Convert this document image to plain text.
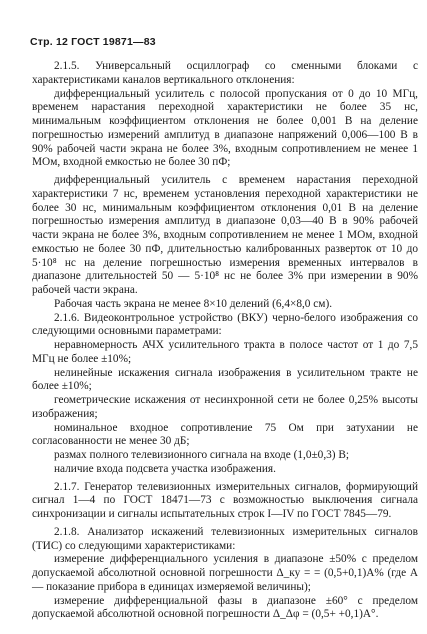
Стр. 12 ГОСТ 19871—83

2.1.5. Универсальный осциллограф со сменными блоками с характеристиками каналов вертикального отклонения:

дифференциальный усилитель с полосой пропускания от 0 до 10 МГц, временем нарастания переходной характеристики не более 35 нс, минимальным коэффициентом отклонения не более 0,001 В на деление погрешностью измерений амплитуд в диапазоне напряжений 0,006—100 В в 90% рабочей части экрана не более 3%, входным сопротивлением не менее 1 МОм, входной емкостью не более 30 пФ;

дифференциальный усилитель с временем нарастания переходной характеристики 7 нс, временем установления переходной характеристики не более 30 нс, минимальным коэффициентом отклонения 0,01 В на деление погрешностью измерения амплитуд в диапазоне 0,03—40 В в 90% рабочей части экрана не более 3%, входным сопротивлением не менее 1 МОм, входной емкостью не более 30 пФ, длительностью калиброванных разверток от 10 до 5·10⁸ нс на деление погрешностью измерения временных интервалов в диапазоне длительностей 50 — 5·10⁸ нс не более 3% при измерении в 90% рабочей части экрана.

Рабочая часть экрана не менее 8×10 делений (6,4×8,0 см).

2.1.6. Видеоконтрольное устройство (ВКУ) черно-белого изображения со следующими основными параметрами:

неравномерность АЧХ усилительного тракта в полосе частот от 1 до 7,5 МГц не более ±10%;

нелинейные искажения сигнала изображения в усилительном тракте не более ±10%;

геометрические искажения от несинхронной сети не более 0,25% высоты изображения;

номинальное входное сопротивление 75 Ом при затухании не согласованности не менее 30 дБ;

размах полного телевизионного сигнала на входе (1,0±0,3) В;

наличие входа подсвета участка изображения.

2.1.7. Генератор телевизионных измерительных сигналов, формирующий сигнал 1—4 по ГОСТ 18471—73 с возможностью выключения сигнала синхронизации и сигналы испытательных строк I—IV по ГОСТ 7845—79.

2.1.8. Анализатор искажений телевизионных измерительных сигналов (ТИС) со следующими характеристиками:

измерение дифференциального усиления в диапазоне ±50% с пределом допускаемой абсолютной основной погрешности Δ_ку = = (0,5+0,1)A% (где A — показание прибора в единицах измеряемой величины);

измерение дифференциальной фазы в диапазоне ±60° с пределом допускаемой абсолютной основной погрешности Δ_Δφ = (0,5+ +0,1)A°.
